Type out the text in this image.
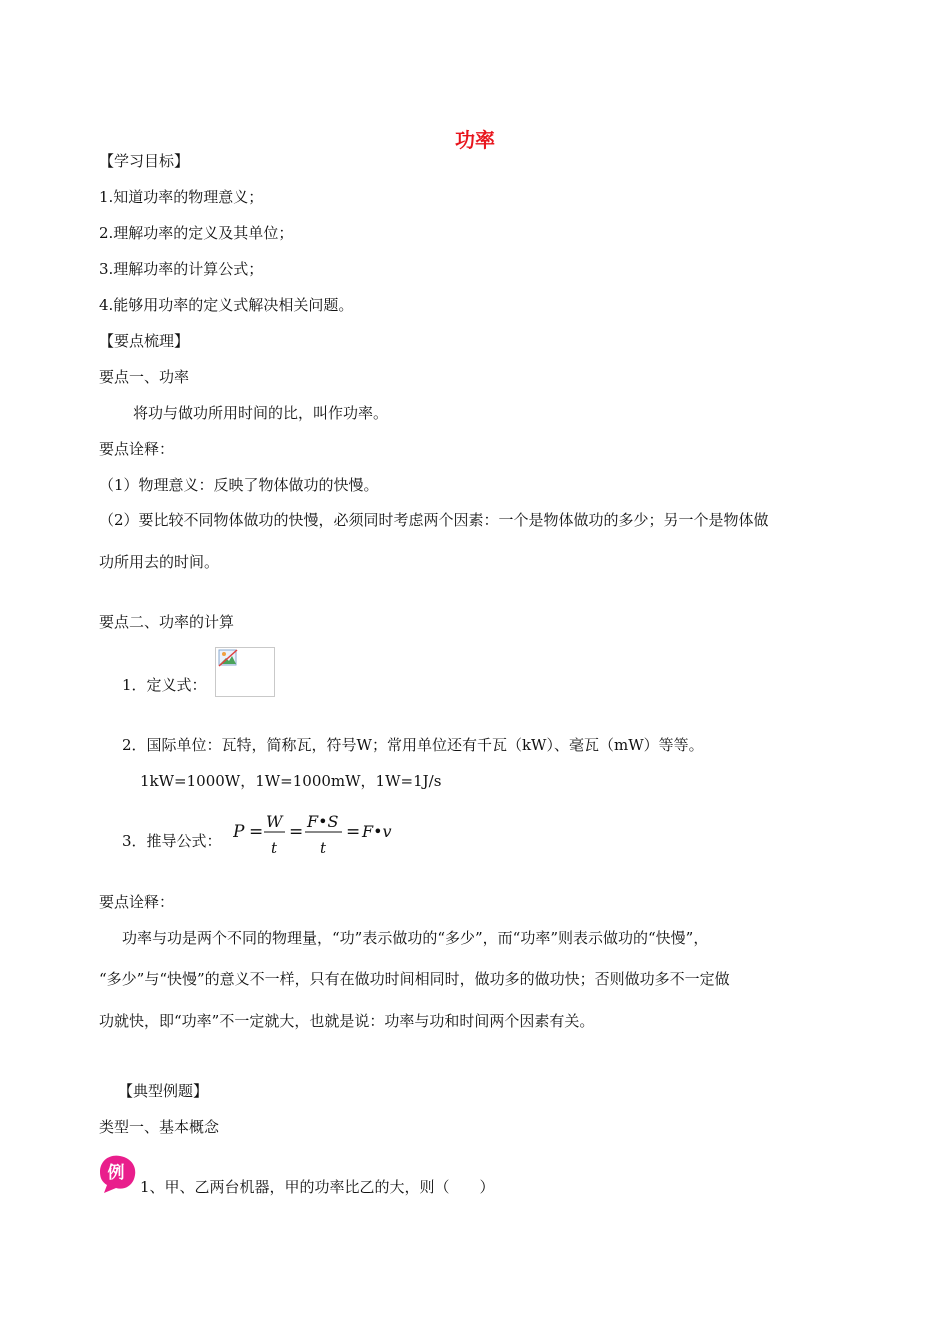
功率
【学习目标】
1.知道功率的物理意义；
2.理解功率的定义及其单位；
3.理解功率的计算公式；
4.能够用功率的定义式解决相关问题。
【要点梳理】
要点一、功率
将功与做功所用时间的比，叫作功率。
要点诠释：
（1）物理意义：反映了物体做功的快慢。
（2）要比较不同物体做功的快慢，必须同时考虑两个因素：一个是物体做功的多少；另一个是物体做
功所用去的时间。
要点二、功率的计算
1．定义式：
2．国际单位：瓦特，简称瓦，符号W；常用单位还有千瓦（kW）、毫瓦（mW）等等。
1kW=1000W，1W=1000mW，1W=1J/s
3．推导公式： P =
W
t
=
F•S
t
= F•v
要点诠释：
功率与功是两个不同的物理量，“功”表示做功的“多少”，而“功率”则表示做功的“快慢”，
“多少”与“快慢”的意义不一样，只有在做功时间相同时，做功多的做功快；否则做功多不一定做
功就快，即“功率”不一定就大，也就是说：功率与功和时间两个因素有关。
【典型例题】
类型一、基本概念
例
1、甲、乙两台机器，甲的功率比乙的大，则（　　）
